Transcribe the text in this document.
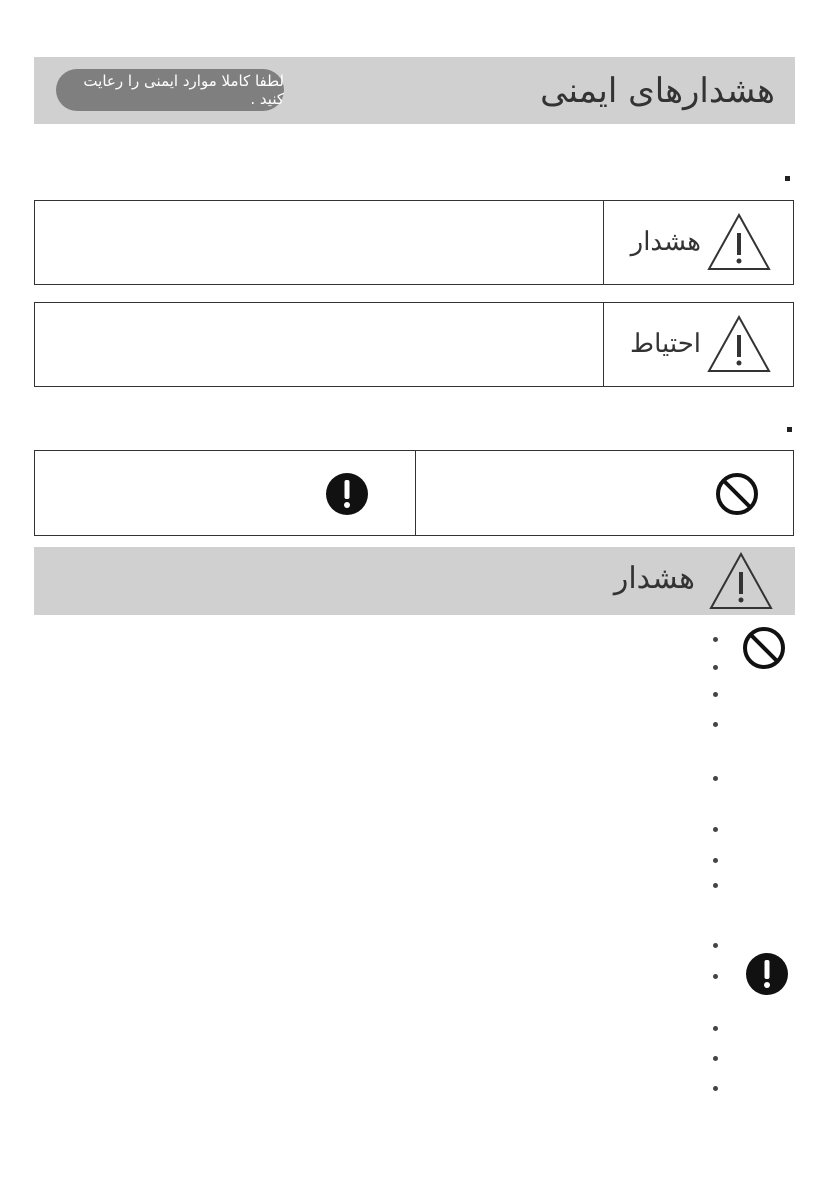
لطفا کاملا موارد ایمنی را رعایت کنید .	هشدارهای ایمنی
هشدار
احتیاط
هشدار
